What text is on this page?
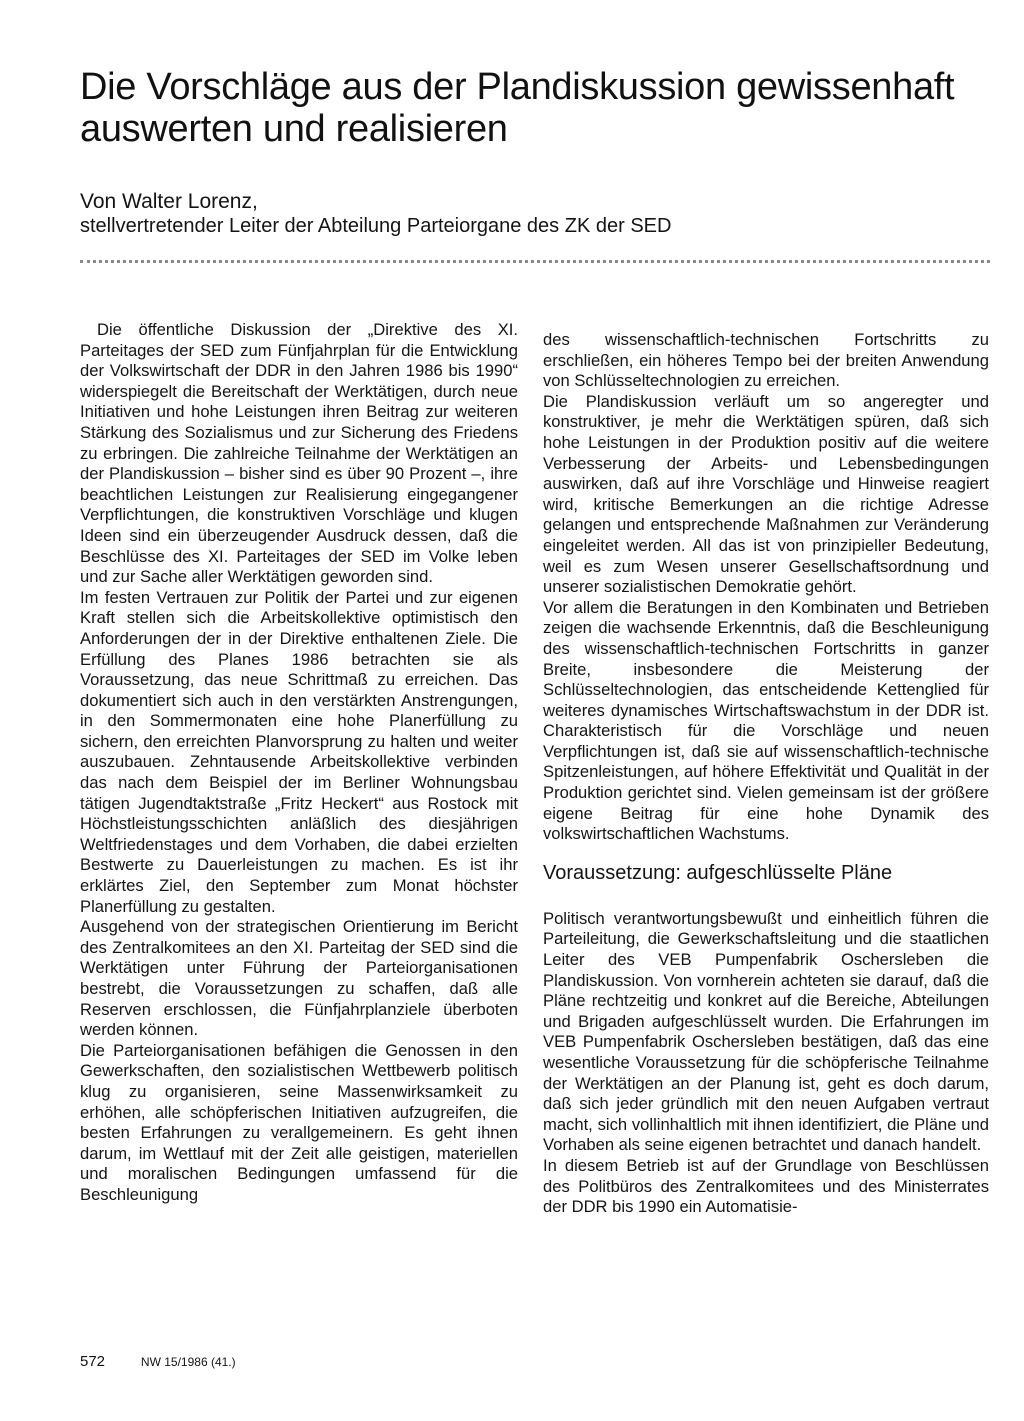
Die Vorschläge aus der Plandiskussion gewissenhaft auswerten und realisieren
Von Walter Lorenz,
stellvertretender Leiter der Abteilung Parteiorgane des ZK der SED

Die öffentliche Diskussion der „Direktive des XI. Parteitages der SED zum Fünfjahrplan für die Entwicklung der Volkswirtschaft der DDR in den Jahren 1986 bis 1990“ widerspiegelt die Bereitschaft der Werktätigen, durch neue Initiativen und hohe Leistungen ihren Beitrag zur weiteren Stärkung des Sozialismus und zur Sicherung des Friedens zu erbringen. Die zahlreiche Teilnahme der Werktätigen an der Plandiskussion – bisher sind es über 90 Prozent –, ihre beachtlichen Leistungen zur Realisierung eingegangener Verpflichtungen, die konstruktiven Vorschläge und klugen Ideen sind ein überzeugender Ausdruck dessen, daß die Beschlüsse des XI. Parteitages der SED im Volke leben und zur Sache aller Werktätigen geworden sind.

Im festen Vertrauen zur Politik der Partei und zur eigenen Kraft stellen sich die Arbeitskollektive optimistisch den Anforderungen der in der Direktive enthaltenen Ziele. Die Erfüllung des Planes 1986 betrachten sie als Voraussetzung, das neue Schrittmaß zu erreichen. Das dokumentiert sich auch in den verstärkten Anstrengungen, in den Sommermonaten eine hohe Planerfüllung zu sichern, den erreichten Planvorsprung zu halten und weiter auszubauen. Zehntausende Arbeitskollektive verbinden das nach dem Beispiel der im Berliner Wohnungsbau tätigen Jugendtaktstraße „Fritz Heckert“ aus Rostock mit Höchstleistungsschichten anläßlich des diesjährigen Weltfriedenstages und dem Vorhaben, die dabei erzielten Bestwerte zu Dauerleistungen zu machen. Es ist ihr erklärtes Ziel, den September zum Monat höchster Planerfüllung zu gestalten.

Ausgehend von der strategischen Orientierung im Bericht des Zentralkomitees an den XI. Parteitag der SED sind die Werktätigen unter Führung der Parteiorganisationen bestrebt, die Voraussetzungen zu schaffen, daß alle Reserven erschlossen, die Fünfjahrplanziele überboten werden können.

Die Parteiorganisationen befähigen die Genossen in den Gewerkschaften, den sozialistischen Wettbewerb politisch klug zu organisieren, seine Massenwirksamkeit zu erhöhen, alle schöpferischen Initiativen aufzugreifen, die besten Erfahrungen zu verallgemeinern. Es geht ihnen darum, im Wettlauf mit der Zeit alle geistigen, materiellen und moralischen Bedingungen umfassend für die Beschleunigung

des wissenschaftlich-technischen Fortschritts zu erschließen, ein höheres Tempo bei der breiten Anwendung von Schlüsseltechnologien zu erreichen.

Die Plandiskussion verläuft um so angeregter und konstruktiver, je mehr die Werktätigen spüren, daß sich hohe Leistungen in der Produktion positiv auf die weitere Verbesserung der Arbeits- und Lebensbedingungen auswirken, daß auf ihre Vorschläge und Hinweise reagiert wird, kritische Bemerkungen an die richtige Adresse gelangen und entsprechende Maßnahmen zur Veränderung eingeleitet werden. All das ist von prinzipieller Bedeutung, weil es zum Wesen unserer Gesellschaftsordnung und unserer sozialistischen Demokratie gehört.

Vor allem die Beratungen in den Kombinaten und Betrieben zeigen die wachsende Erkenntnis, daß die Beschleunigung des wissenschaftlich-technischen Fortschritts in ganzer Breite, insbesondere die Meisterung der Schlüsseltechnologien, das entscheidende Kettenglied für weiteres dynamisches Wirtschaftswachstum in der DDR ist. Charakteristisch für die Vorschläge und neuen Verpflichtungen ist, daß sie auf wissenschaftlich-technische Spitzenleistungen, auf höhere Effektivität und Qualität in der Produktion gerichtet sind. Vielen gemeinsam ist der größere eigene Beitrag für eine hohe Dynamik des volkswirtschaftlichen Wachstums.

Voraussetzung: aufgeschlüsselte Pläne

Politisch verantwortungsbewußt und einheitlich führen die Parteileitung, die Gewerkschaftsleitung und die staatlichen Leiter des VEB Pumpenfabrik Oschersleben die Plandiskussion. Von vornherein achteten sie darauf, daß die Pläne rechtzeitig und konkret auf die Bereiche, Abteilungen und Brigaden aufgeschlüsselt wurden. Die Erfahrungen im VEB Pumpenfabrik Oschersleben bestätigen, daß das eine wesentliche Voraussetzung für die schöpferische Teilnahme der Werktätigen an der Planung ist, geht es doch darum, daß sich jeder gründlich mit den neuen Aufgaben vertraut macht, sich vollinhaltlich mit ihnen identifiziert, die Pläne und Vorhaben als seine eigenen betrachtet und danach handelt.

In diesem Betrieb ist auf der Grundlage von Beschlüssen des Politbüros des Zentralkomitees und des Ministerrates der DDR bis 1990 ein Automatisie-

572	NW 15/1986 (41.)
